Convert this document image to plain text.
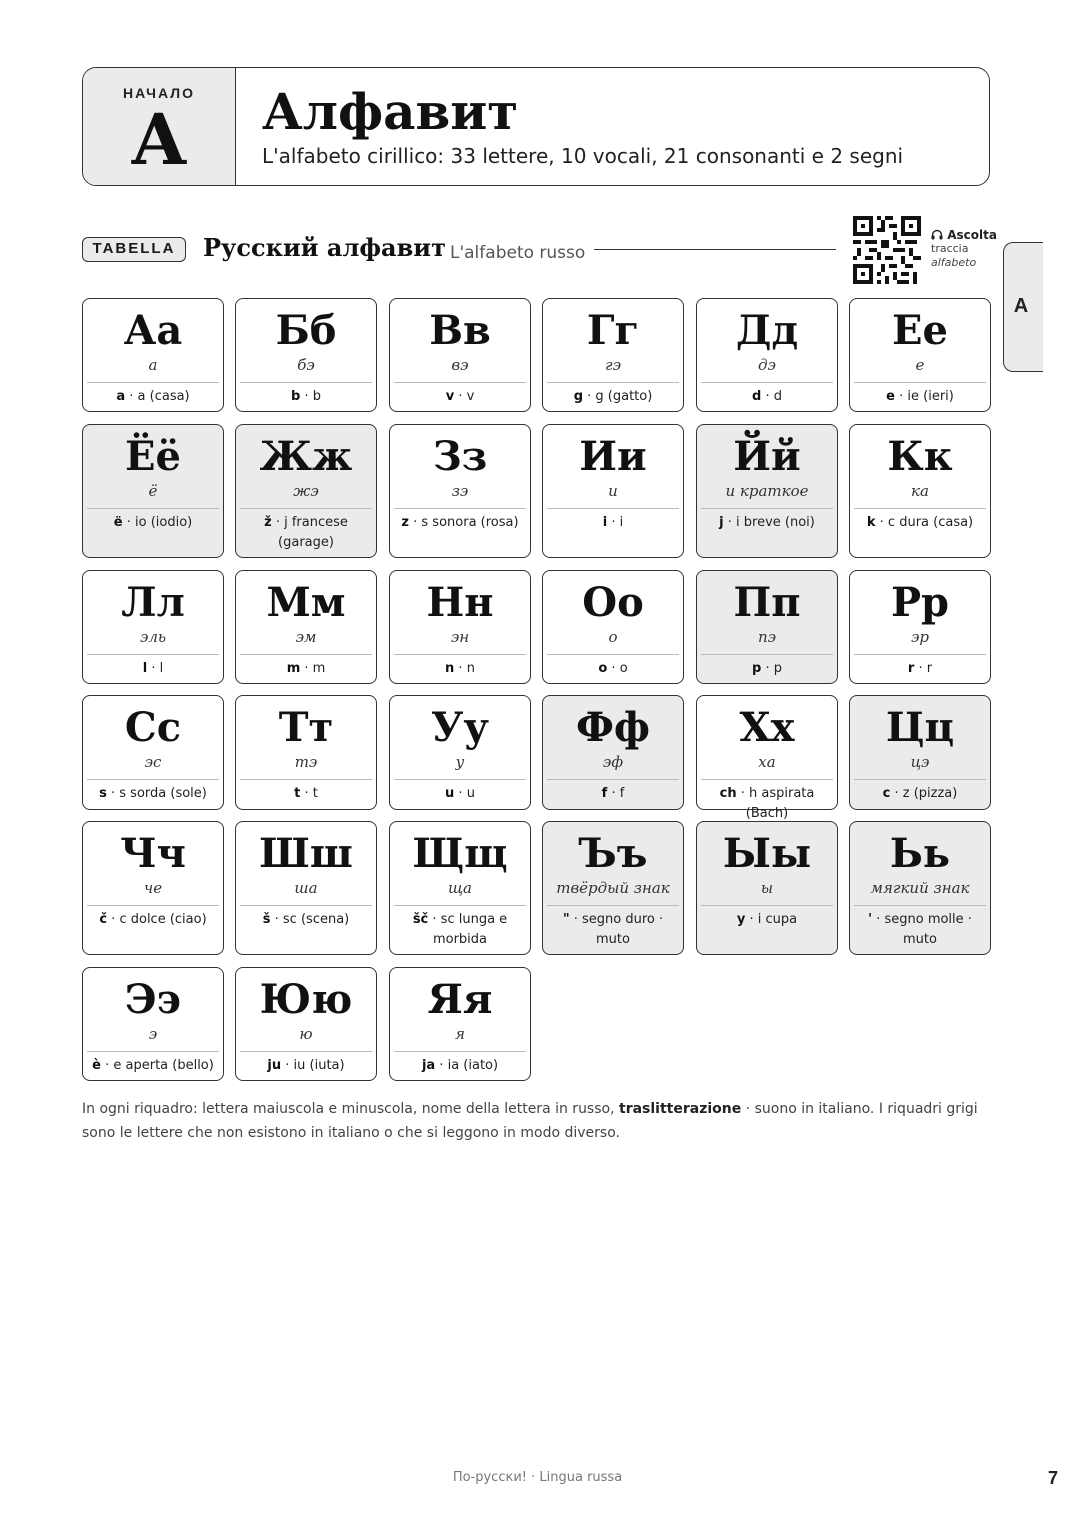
НАЧАЛО
А	Алфавит
L'alfabeto cirillico: 33 lettere, 10 vocali, 21 consonanti e 2 segni
TABELLA	Русский алфавит L'alfabeto russo
Ascolta
traccia
alfabeto
A
Аа
а
a · a (casa)
Бб
бэ
b · b
Вв
вэ
v · v
Гг
гэ
g · g (gatto)
Дд
дэ
d · d
Ее
е
e · ie (ieri)
Ёё
ё
ë · io (iodio)
Жж
жэ
ž · j francese (garage)
Зз
зэ
z · s sonora (rosa)
Ии
и
i · i
Йй
и краткое
j · i breve (noi)
Кк
ка
k · c dura (casa)
Лл
эль
l · l
Мм
эм
m · m
Нн
эн
n · n
Оо
о
o · o
Пп
пэ
p · p
Рр
эр
r · r
Сс
эс
s · s sorda (sole)
Тт
тэ
t · t
Уу
у
u · u
Фф
эф
f · f
Хх
ха
ch · h aspirata (Bach)
Цц
цэ
c · z (pizza)
Чч
че
č · c dolce (ciao)
Шш
ша
š · sc (scena)
Щщ
ща
šč · sc lunga e morbida
Ъъ
твёрдый знак
" · segno duro · muto
Ыы
ы
y · i cupa
Ьь
мягкий знак
' · segno molle · muto
Ээ
э
è · e aperta (bello)
Юю
ю
ju · iu (iuta)
Яя
я
ja · ia (iato)
In ogni riquadro: lettera maiuscola e minuscola, nome della lettera in russo, traslitterazione · suono in italiano. I riquadri grigi sono le lettere che non esistono in italiano o che si leggono in modo diverso.
По-русски! · Lingua russa	7
